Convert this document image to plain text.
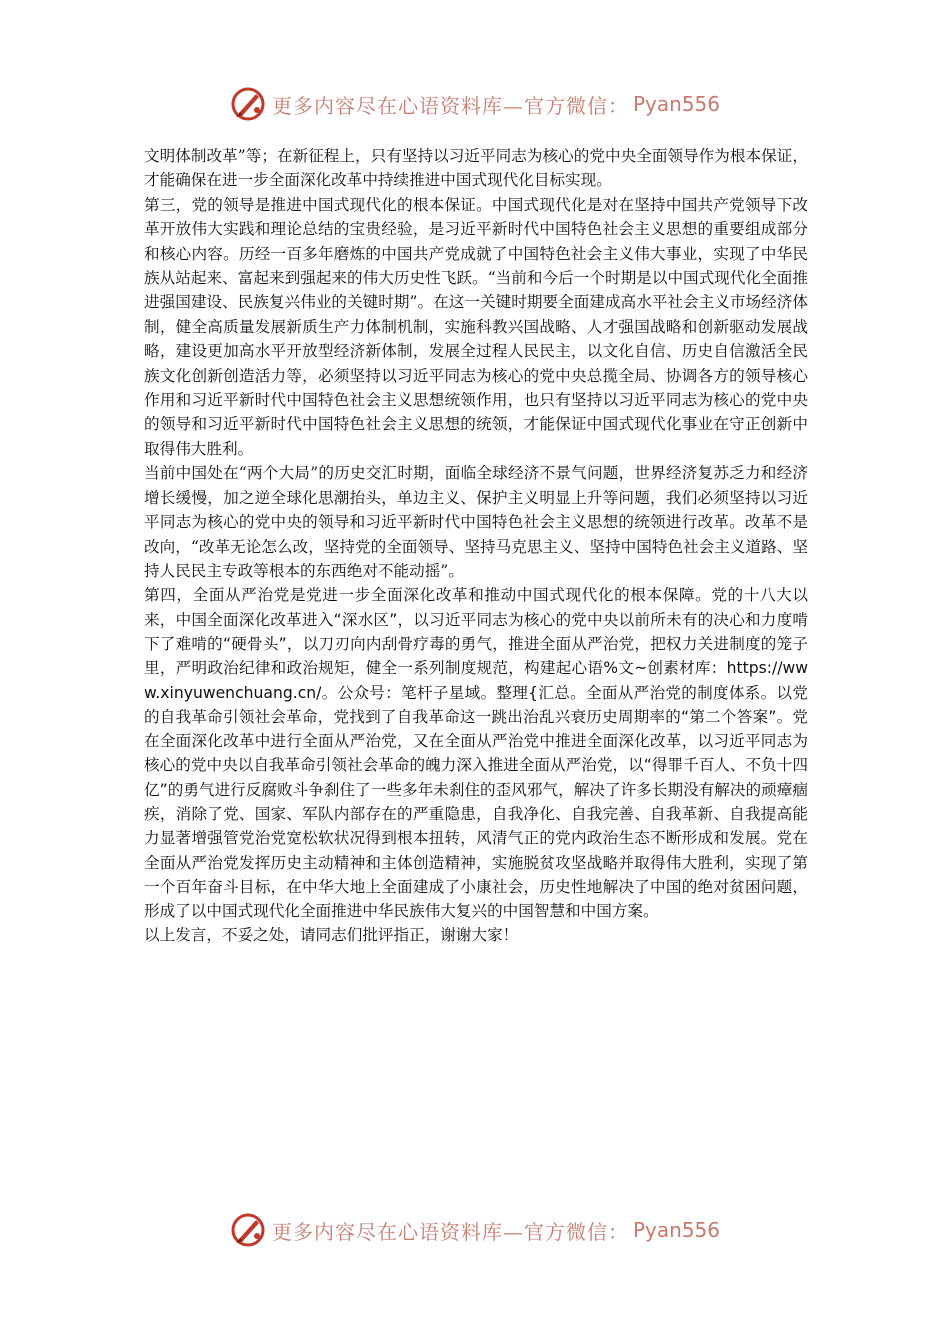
更多内容尽在心语资料库—官方微信： Pyan556

文明体制改革”等；在新征程上，只有坚持以习近平同志为核心的党中央全面领导作为根本保证，才能确保在进一步全面深化改革中持续推进中国式现代化目标实现。

第三，党的领导是推进中国式现代化的根本保证。中国式现代化是对在坚持中国共产党领导下改革开放伟大实践和理论总结的宝贵经验，是习近平新时代中国特色社会主义思想的重要组成部分和核心内容。历经一百多年磨炼的中国共产党成就了中国特色社会主义伟大事业，实现了中华民族从站起来、富起来到强起来的伟大历史性飞跃。“当前和今后一个时期是以中国式现代化全面推进强国建设、民族复兴伟业的关键时期”。在这一关键时期要全面建成高水平社会主义市场经济体制，健全高质量发展新质生产力体制机制，实施科教兴国战略、人才强国战略和创新驱动发展战略，建设更加高水平开放型经济新体制，发展全过程人民民主，以文化自信、历史自信激活全民族文化创新创造活力等，必须坚持以习近平同志为核心的党中央总揽全局、协调各方的领导核心作用和习近平新时代中国特色社会主义思想统领作用，也只有坚持以习近平同志为核心的党中央的领导和习近平新时代中国特色社会主义思想的统领，才能保证中国式现代化事业在守正创新中取得伟大胜利。

当前中国处在“两个大局”的历史交汇时期，面临全球经济不景气问题，世界经济复苏乏力和经济增长缓慢，加之逆全球化思潮抬头，单边主义、保护主义明显上升等问题，我们必须坚持以习近平同志为核心的党中央的领导和习近平新时代中国特色社会主义思想的统领进行改革。改革不是改向，“改革无论怎么改，坚持党的全面领导、坚持马克思主义、坚持中国特色社会主义道路、坚持人民民主专政等根本的东西绝对不能动摇”。

第四，全面从严治党是党进一步全面深化改革和推动中国式现代化的根本保障。党的十八大以来，中国全面深化改革进入“深水区”，以习近平同志为核心的党中央以前所未有的决心和力度啃下了难啃的“硬骨头”，以刀刃向内刮骨疗毒的勇气，推进全面从严治党，把权力关进制度的笼子里，严明政治纪律和政治规矩，健全一系列制度规范，构建起心语%文~创素材库：https://www.xinyuwenchuang.cn/。公众号：笔杆子星域。整理{汇总。全面从严治党的制度体系。以党的自我革命引领社会革命，党找到了自我革命这一跳出治乱兴衰历史周期率的“第二个答案”。党在全面深化改革中进行全面从严治党，又在全面从严治党中推进全面深化改革，以习近平同志为核心的党中央以自我革命引领社会革命的魄力深入推进全面从严治党，以“得罪千百人、不负十四亿”的勇气进行反腐败斗争刹住了一些多年未刹住的歪风邪气，解决了许多长期没有解决的顽瘴痼疾，消除了党、国家、军队内部存在的严重隐患，自我净化、自我完善、自我革新、自我提高能力显著增强管党治党宽松软状况得到根本扭转，风清气正的党内政治生态不断形成和发展。党在全面从严治党发挥历史主动精神和主体创造精神，实施脱贫攻坚战略并取得伟大胜利，实现了第一个百年奋斗目标，在中华大地上全面建成了小康社会，历史性地解决了中国的绝对贫困问题，形成了以中国式现代化全面推进中华民族伟大复兴的中国智慧和中国方案。

以上发言，不妥之处，请同志们批评指正，谢谢大家！

更多内容尽在心语资料库—官方微信： Pyan556
